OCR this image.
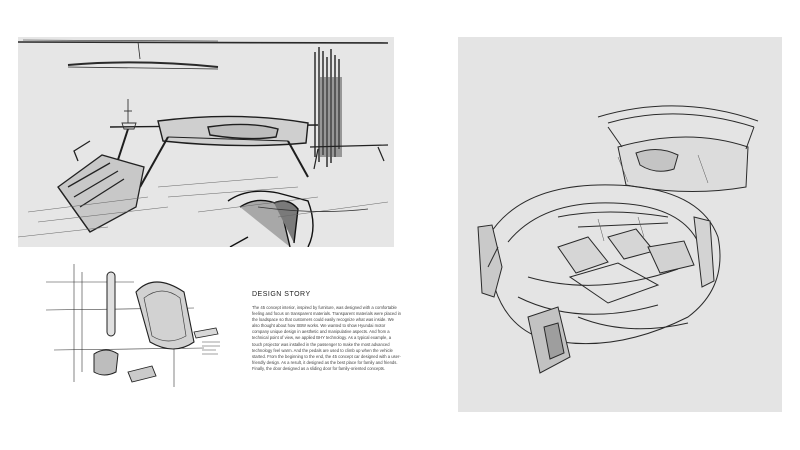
DESIGN STORY

The 45 concept interior, inspired by furniture, was designed with a comfortable feeling and focus on transparent materials. Transparent materials were placed in the loadspace so that customers could easily recognize what was inside. We also thought about how SBW works. We wanted to show Hyundai motor company unique design in aesthetic and manipulative aspects. And from a technical point of view, we applied BHY technology. As a typical example, a touch projector was installed in the passenger to make the most advanced technology feel warm. And the pedals are used to climb up when the vehicle started. From the beginning to the end, the 45 concept car designed with a user-friendly design. As a result, it designed as the best place for family and friends. Finally, the door designed as a sliding door for family-oriented concepts.
